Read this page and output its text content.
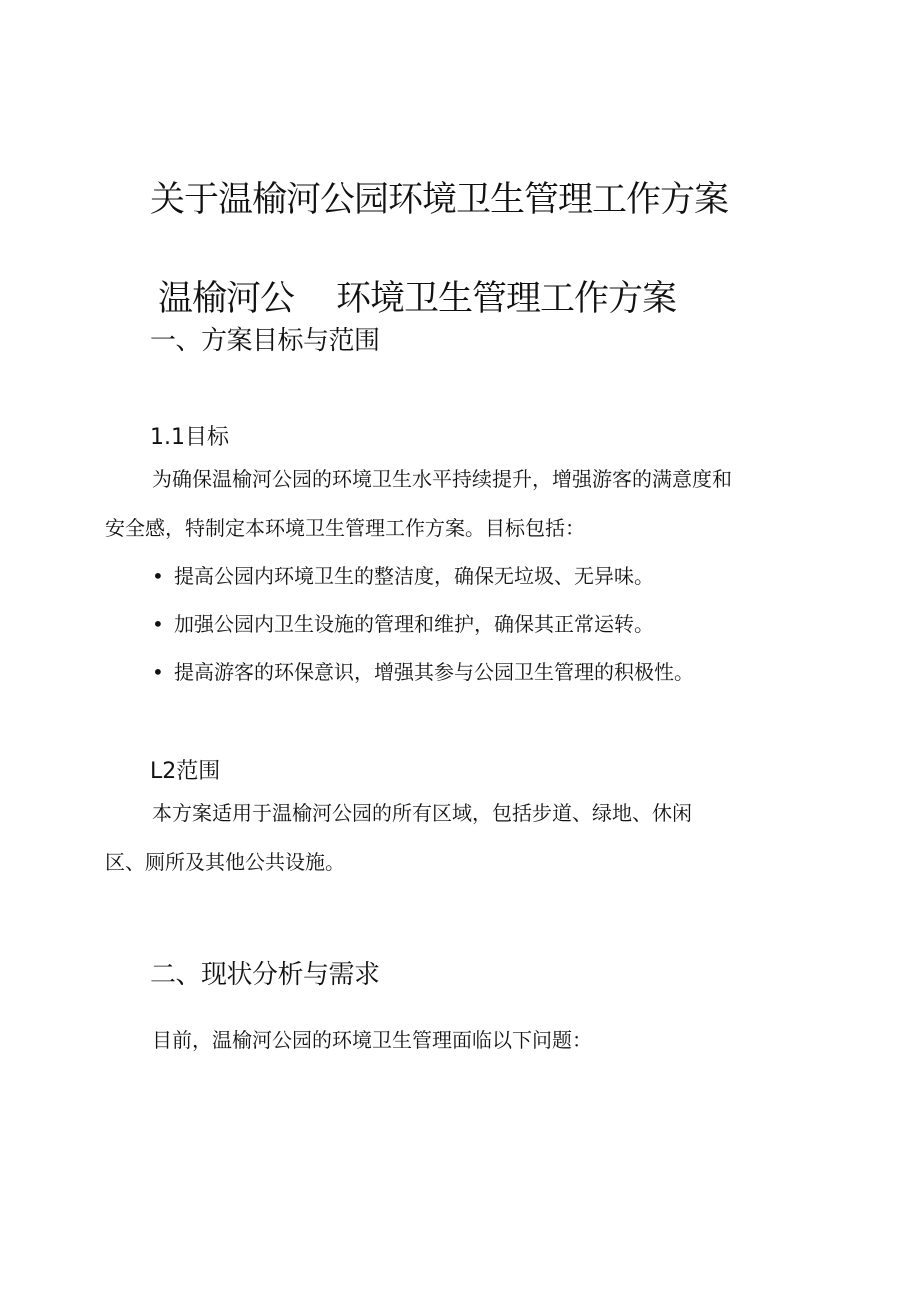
关于温榆河公园环境卫生管理工作方案
温榆河公 环境卫生管理工作方案
一、方案目标与范围
1.1目标

为确保温榆河公园的环境卫生水平持续提升，增强游客的满意度和

安全感，特制定本环境卫生管理工作方案。目标包括：

• 提高公园内环境卫生的整洁度，确保无垃圾、无异味。
• 加强公园内卫生设施的管理和维护，确保其正常运转。
• 提高游客的环保意识，增强其参与公园卫生管理的积极性。
L2范围

本方案适用于温榆河公园的所有区域，包括步道、绿地、休闲

区、厕所及其他公共设施。

二、现状分析与需求

目前，温榆河公园的环境卫生管理面临以下问题：
